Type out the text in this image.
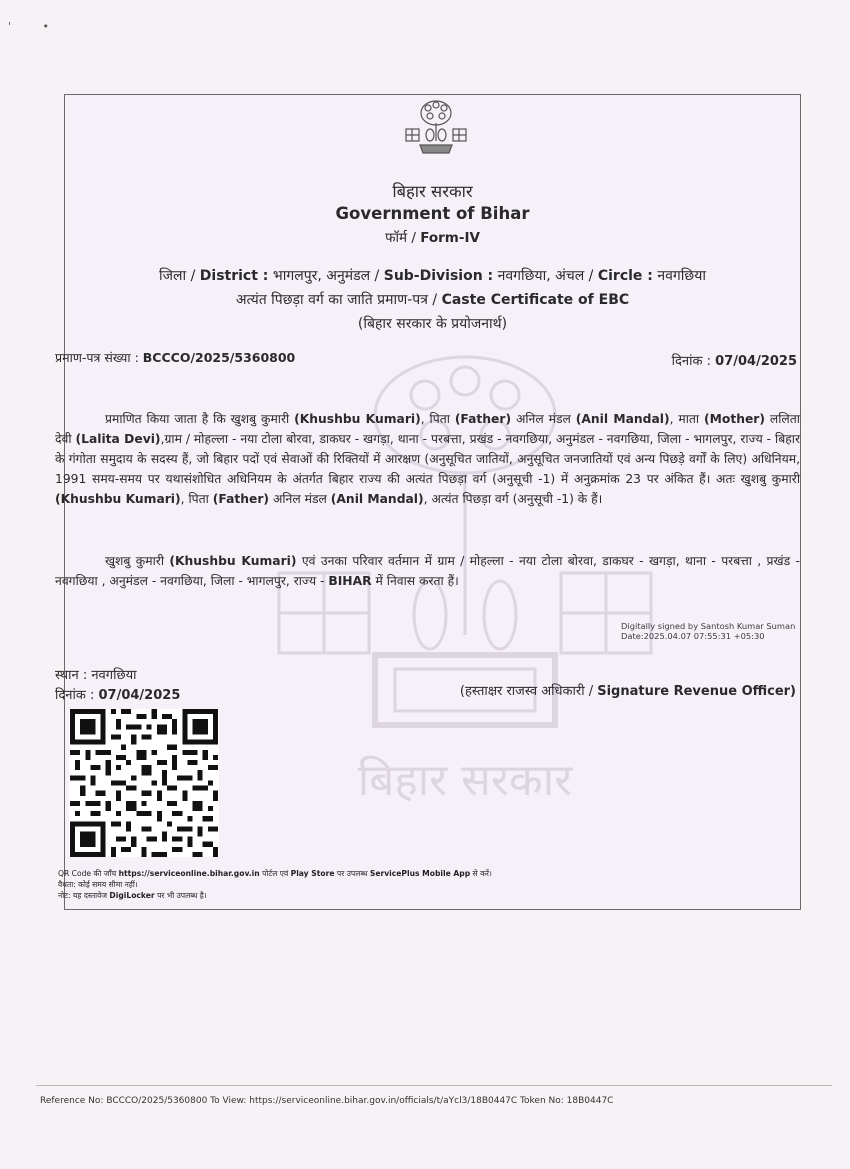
' •
बिहार सरकार
Government of Bihar
फॉर्म / Form-IV
जिला / District : भागलपुर, अनुमंडल / Sub-Division : नवगछिया, अंचल / Circle : नवगछिया
अत्यंत पिछड़ा वर्ग का जाति प्रमाण-पत्र / Caste Certificate of EBC
(बिहार सरकार के प्रयोजनार्थ)
प्रमाण-पत्र संख्या : BCCCO/2025/5360800	दिनांक : 07/04/2025
बिहार सरकार
प्रमाणित किया जाता है कि खुशबु कुमारी (Khushbu Kumari), पिता (Father) अनिल मंडल (Anil Mandal), माता (Mother) ललिता देवी (Lalita Devi),ग्राम / मोहल्ला - नया टोला बोरवा, डाकघर - खगड़ा, थाना - परबत्ता, प्रखंड - नवगछिया, अनुमंडल - नवगछिया, जिला - भागलपुर, राज्य - बिहार के गंगोता समुदाय के सदस्य हैं, जो बिहार पदों एवं सेवाओं की रिक्तियों में आरक्षण (अनुसूचित जातियों, अनुसूचित जनजातियों एवं अन्य पिछड़े वर्गों के लिए) अधिनियम, 1991 समय-समय पर यथासंशोधित अधिनियम के अंतर्गत बिहार राज्य की अत्यंत पिछड़ा वर्ग (अनुसूची -1) में अनुक्रमांक 23 पर अंकित हैं। अतः खुशबु कुमारी (Khushbu Kumari), पिता (Father) अनिल मंडल (Anil Mandal), अत्यंत पिछड़ा वर्ग (अनुसूची -1) के हैं।
खुशबु कुमारी (Khushbu Kumari) एवं उनका परिवार वर्तमान में ग्राम / मोहल्ला - नया टोला बोरवा, डाकघर - खगड़ा, थाना - परबत्ता , प्रखंड - नवगछिया , अनुमंडल - नवगछिया, जिला - भागलपुर, राज्य - BIHAR में निवास करता हैं।
Digitally signed by Santosh Kumar Suman
Date:2025.04.07 07:55:31 +05:30
स्थान : नवगछिया
दिनांक : 07/04/2025	(हस्ताक्षर राजस्व अधिकारी / Signature Revenue Officer)
QR Code की जाँच https://serviceonline.bihar.gov.in पोर्टल एवं Play Store पर उपलब्ध ServicePlus Mobile App से करें।
वैधता: कोई समय सीमा नहीं।
नोट: यह दस्तावेज DigiLocker पर भी उपलब्ध है।
Reference No: BCCCO/2025/5360800 To View: https://serviceonline.bihar.gov.in/officials/t/aYcl3/18B0447C Token No: 18B0447C
